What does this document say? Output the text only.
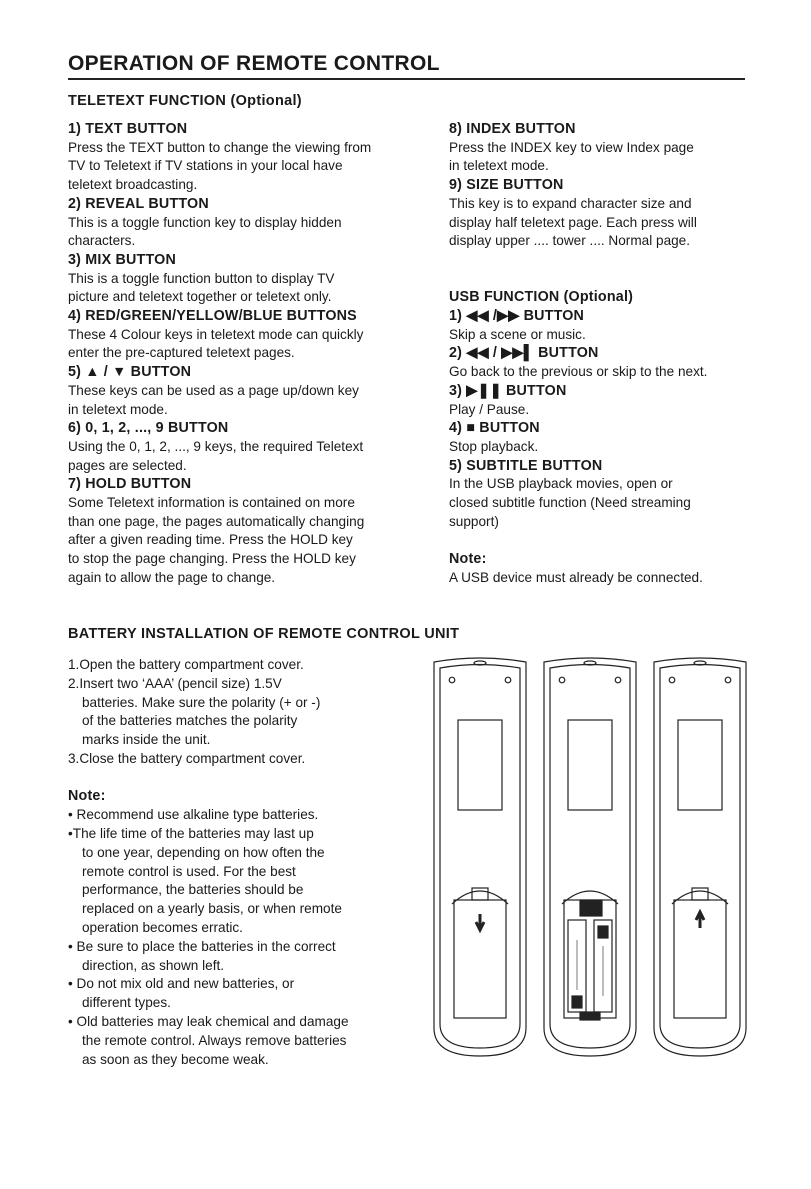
OPERATION OF REMOTE CONTROL
TELETEXT FUNCTION (Optional)

1) TEXT BUTTON

Press the TEXT button to change the viewing from

TV to Teletext if TV stations in your local have

teletext broadcasting.

2) REVEAL BUTTON

This is a toggle function key to display hidden

characters.

3) MIX BUTTON

This is a toggle function button to display TV

picture and teletext together or teletext only.

4) RED/GREEN/YELLOW/BLUE BUTTONS

These 4 Colour keys in teletext mode can quickly

enter the pre-captured teletext pages.

5) ▲ / ▼ BUTTON

These keys can be used as a page up/down key

in teletext mode.

6) 0, 1, 2, ..., 9 BUTTON

Using the 0, 1, 2, ..., 9 keys, the required Teletext

pages are selected.

7) HOLD BUTTON

Some Teletext information is contained on more

than one page, the pages automatically changing

after a given reading time. Press the HOLD key

to stop the page changing. Press the HOLD key

again to allow the page to change.

8) INDEX BUTTON

Press the INDEX key to view Index page

in teletext mode.

9) SIZE BUTTON

This key is to expand character size and

display half teletext page. Each press will

display upper .... tower .... Normal page.

USB FUNCTION (Optional)

1) ◀◀ /▶▶ BUTTON

Skip a scene or music.

2) ◀◀ / ▶▶▌ BUTTON

Go back to the previous or skip to the next.

3) ▶❚❚ BUTTON

Play / Pause.

4) ■ BUTTON

Stop playback.

5) SUBTITLE BUTTON

In the USB playback movies, open or

closed subtitle function (Need streaming

support)

Note:

A USB device must already be connected.

BATTERY INSTALLATION OF REMOTE CONTROL UNIT

1.Open the battery compartment cover.

2.Insert two ‘AAA’ (pencil size) 1.5V

batteries. Make sure the polarity (+ or -)

of the batteries matches the polarity

marks inside the unit.

3.Close the battery compartment cover.

Note:

• Recommend use alkaline type batteries.

•The life time of the batteries may last up

to one year, depending on how often the

remote control is used. For the best

performance, the batteries should be

replaced on a yearly basis, or when remote

operation becomes erratic.

• Be sure to place the batteries in the correct

direction, as shown left.

• Do not mix old and new batteries, or

different types.

• Old batteries may leak chemical and damage

the remote control. Always remove batteries

as soon as they become weak.
